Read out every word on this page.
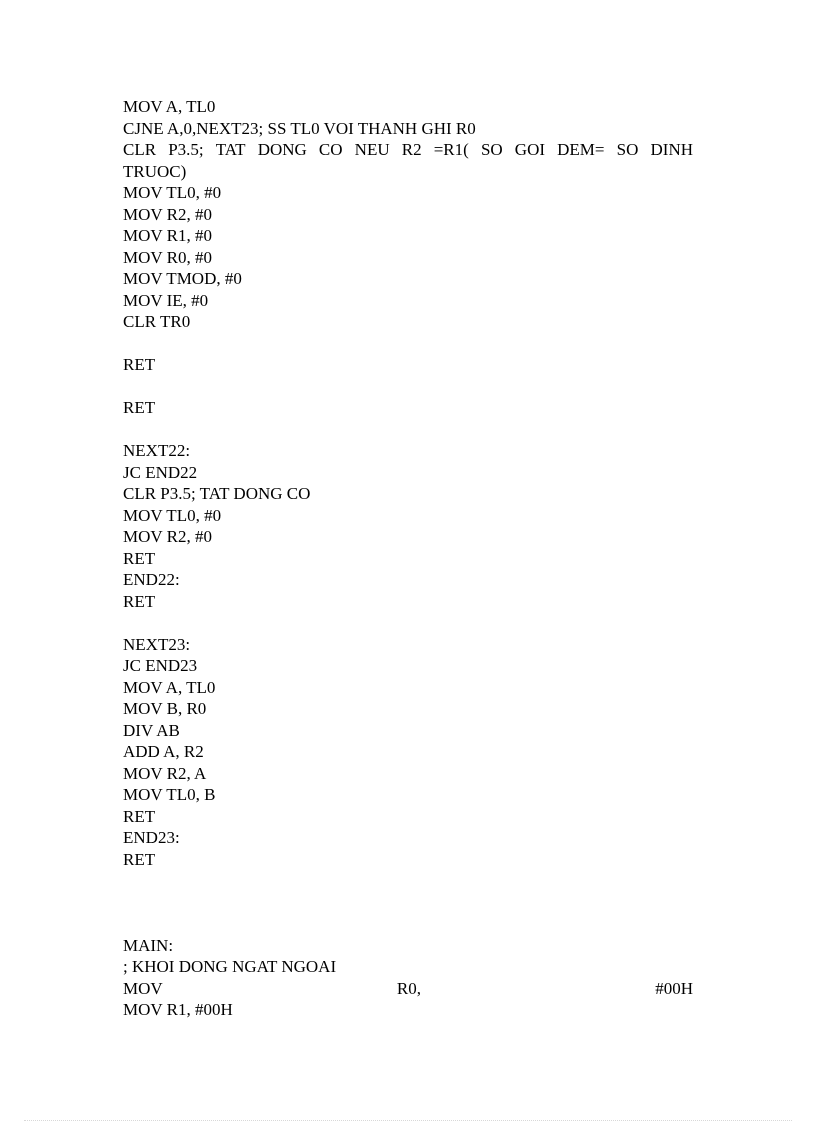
MOV A, TL0
CJNE A,0,NEXT23; SS TL0 VOI THANH GHI R0
CLR P3.5; TAT DONG CO NEU R2 =R1( SO GOI DEM= SO DINH
TRUOC)
MOV TL0, #0
MOV R2, #0
MOV R1, #0
MOV R0, #0
MOV TMOD, #0
MOV IE, #0
CLR TR0
RET
RET
NEXT22:
JC END22
CLR P3.5; TAT DONG CO
MOV TL0, #0
MOV R2, #0
RET
END22:
RET
NEXT23:
JC END23
MOV A, TL0
MOV B, R0
DIV AB
ADD A, R2
MOV R2, A
MOV TL0, B
RET
END23:
RET
MAIN:
; KHOI DONG NGAT NGOAI
MOV	R0,	#00H
MOV R1, #00H
